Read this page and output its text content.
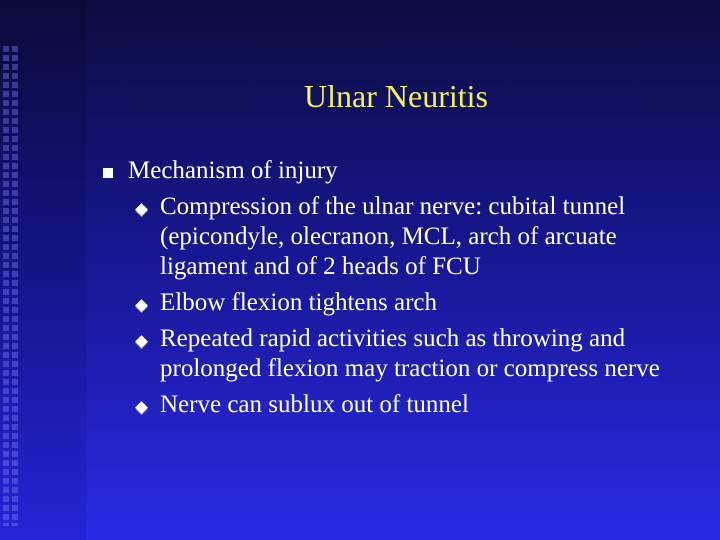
Ulnar Neuritis
Mechanism of injury
Compression of the ulnar nerve: cubital tunnel (epicondyle, olecranon, MCL, arch of arcuate ligament and of 2 heads of FCU
Elbow flexion tightens arch
Repeated rapid activities such as throwing and prolonged flexion may traction or compress nerve
Nerve can sublux out of tunnel
